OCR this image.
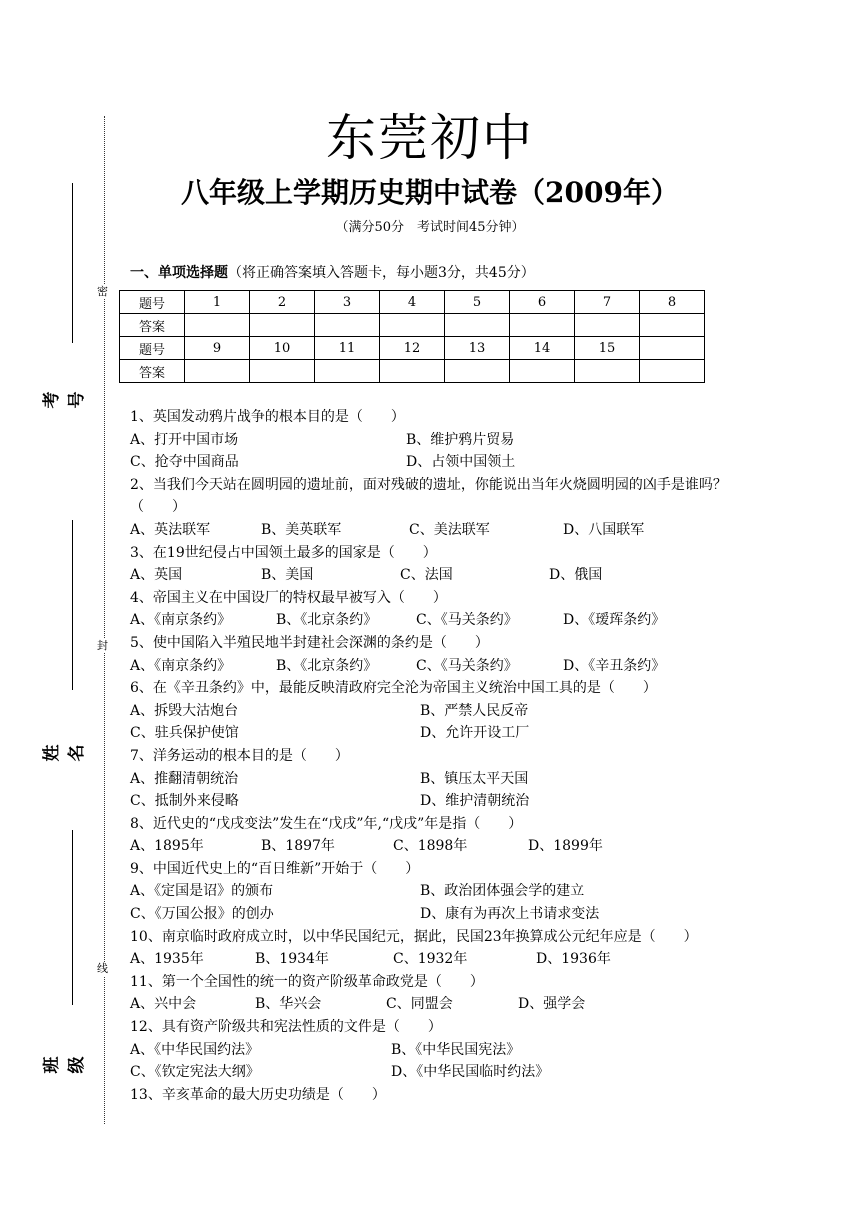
密
封
线
考　号
姓　名
班　级
东莞初中
八年级上学期历史期中试卷（2009年）
（满分50分　考试时间45分钟）
一、单项选择题（将正确答案填入答题卡，每小题3分，共45分）
题号	1	2	3	4	5	6	7	8
答案								
题号	9	10	11	12	13	14	15	
答案								
1、英国发动鸦片战争的根本目的是（　　）
A、打开中国市场	B、维护鸦片贸易
C、抢夺中国商品	D、占领中国领土
2、当我们今天站在圆明园的遗址前，面对残破的遗址，你能说出当年火烧圆明园的凶手是谁吗？（　　）
A、英法联军	B、美英联军	C、美法联军	D、八国联军
3、在19世纪侵占中国领土最多的国家是（　　）
A、英国	B、美国	C、法国	D、俄国
4、帝国主义在中国设厂的特权最早被写入（　　）
A、《南京条约》	B、《北京条约》	C、《马关条约》	D、《瑷珲条约》
5、使中国陷入半殖民地半封建社会深渊的条约是（　　）
A、《南京条约》	B、《北京条约》	C、《马关条约》	D、《辛丑条约》
6、在《辛丑条约》中，最能反映清政府完全沦为帝国主义统治中国工具的是（　　）
A、拆毁大沽炮台	B、严禁人民反帝
C、驻兵保护使馆	D、允许开设工厂
7、洋务运动的根本目的是（　　）
A、推翻清朝统治	B、镇压太平天国
C、抵制外来侵略	D、维护清朝统治
8、近代史的“戊戌变法”发生在“戊戌”年,“戊戌”年是指（　　）
A、1895年	B、1897年	C、1898年	D、1899年
9、中国近代史上的“百日维新”开始于（　　）
A、《定国是诏》的颁布	B、政治团体强会学的建立
C、《万国公报》的创办	D、康有为再次上书请求变法
10、南京临时政府成立时，以中华民国纪元，据此，民国23年换算成公元纪年应是（　　）
A、1935年	B、1934年	C、1932年	D、1936年
11、第一个全国性的统一的资产阶级革命政党是（　　）
A、兴中会	B、华兴会	C、同盟会	D、强学会
12、具有资产阶级共和宪法性质的文件是（　　）
A、《中华民国约法》	B、《中华民国宪法》
C、《钦定宪法大纲》	D、《中华民国临时约法》
13、辛亥革命的最大历史功绩是（　　）
